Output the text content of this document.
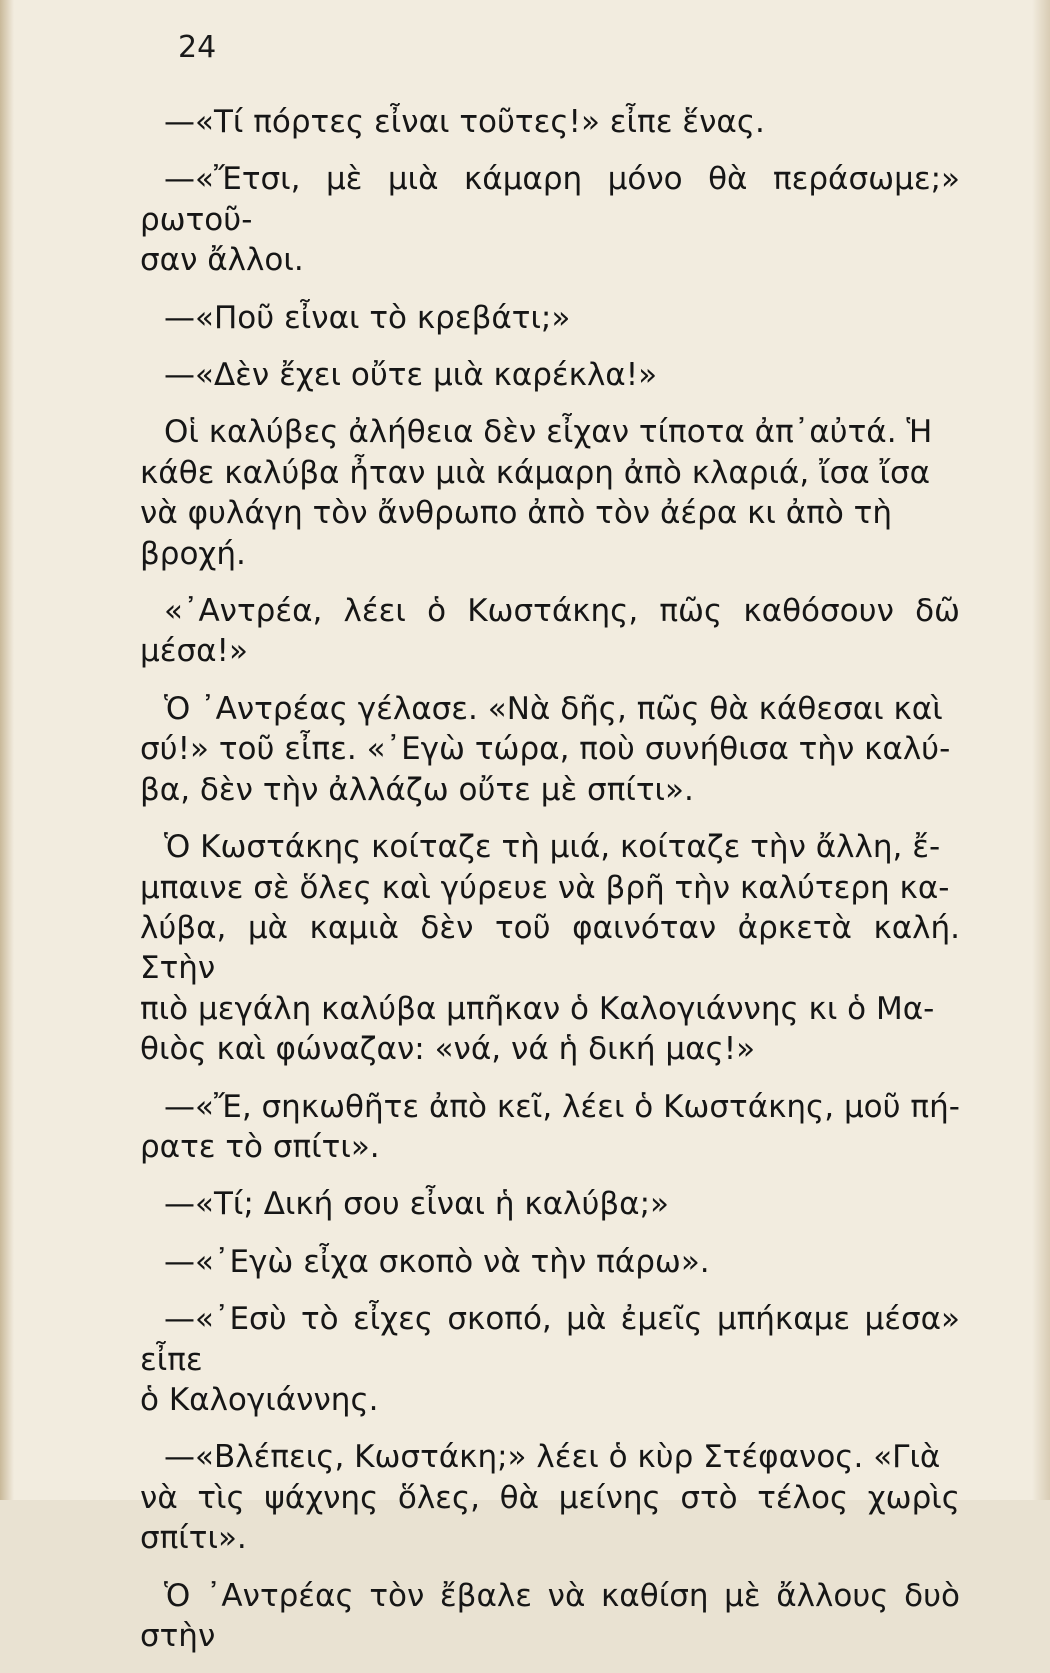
24

—«Τί πόρτες εἶναι τοῦτες!» εἶπε ἕνας.

—«Ἔτσι, μὲ μιὰ κάμαρη μόνο θὰ περάσωμε;» ρωτοῦ-
σαν ἄλλοι.

—«Ποῦ εἶναι τὸ κρεβάτι;»

—«Δὲν ἔχει οὔτε μιὰ καρέκλα!»

Οἱ καλύβες ἀλήθεια δὲν εἶχαν τίποτα ἀπ᾽αὐτά. Ἡ
κάθε καλύβα ἦταν μιὰ κάμαρη ἀπὸ κλαριά, ἴσα ἴσα
νὰ φυλάγη τὸν ἄνθρωπο ἀπὸ τὸν ἀέρα κι ἀπὸ τὴ
βροχή.

«᾽Αντρέα, λέει ὁ Κωστάκης, πῶς καθόσουν δῶ μέσα!»

Ὁ ᾽Αντρέας γέλασε. «Νὰ δῆς, πῶς θὰ κάθεσαι καὶ
σύ!» τοῦ εἶπε. «᾽Εγὼ τώρα, ποὺ συνήθισα τὴν καλύ-
βα, δὲν τὴν ἀλλάζω οὔτε μὲ σπίτι».

Ὁ Κωστάκης κοίταζε τὴ μιά, κοίταζε τὴν ἄλλη, ἔ-
μπαινε σὲ ὅλες καὶ γύρευε νὰ βρῆ τὴν καλύτερη κα-
λύβα, μὰ καμιὰ δὲν τοῦ φαινόταν ἀρκετὰ καλή. Στὴν
πιὸ μεγάλη καλύβα μπῆκαν ὁ Καλογιάννης κι ὁ Μα-
θιὸς καὶ φώναζαν: «νά, νά ἡ δική μας!»

—«Ἔ, σηκωθῆτε ἀπὸ κεῖ, λέει ὁ Κωστάκης, μοῦ πή-
ρατε τὸ σπίτι».

—«Τί; Δική σου εἶναι ἡ καλύβα;»

—«᾽Εγὼ εἶχα σκοπὸ νὰ τὴν πάρω».

—«᾽Εσὺ τὸ εἶχες σκοπό, μὰ ἐμεῖς μπήκαμε μέσα» εἶπε
ὁ Καλογιάννης.

—«Βλέπεις, Κωστάκη;» λέει ὁ κὺρ Στέφανος. «Γιὰ
νὰ τὶς ψάχνης ὅλες, θὰ μείνης στὸ τέλος χωρὶς σπίτι».

Ὁ ᾽Αντρέας τὸν ἔβαλε νὰ καθίση μὲ ἄλλους δυὸ στὴν
